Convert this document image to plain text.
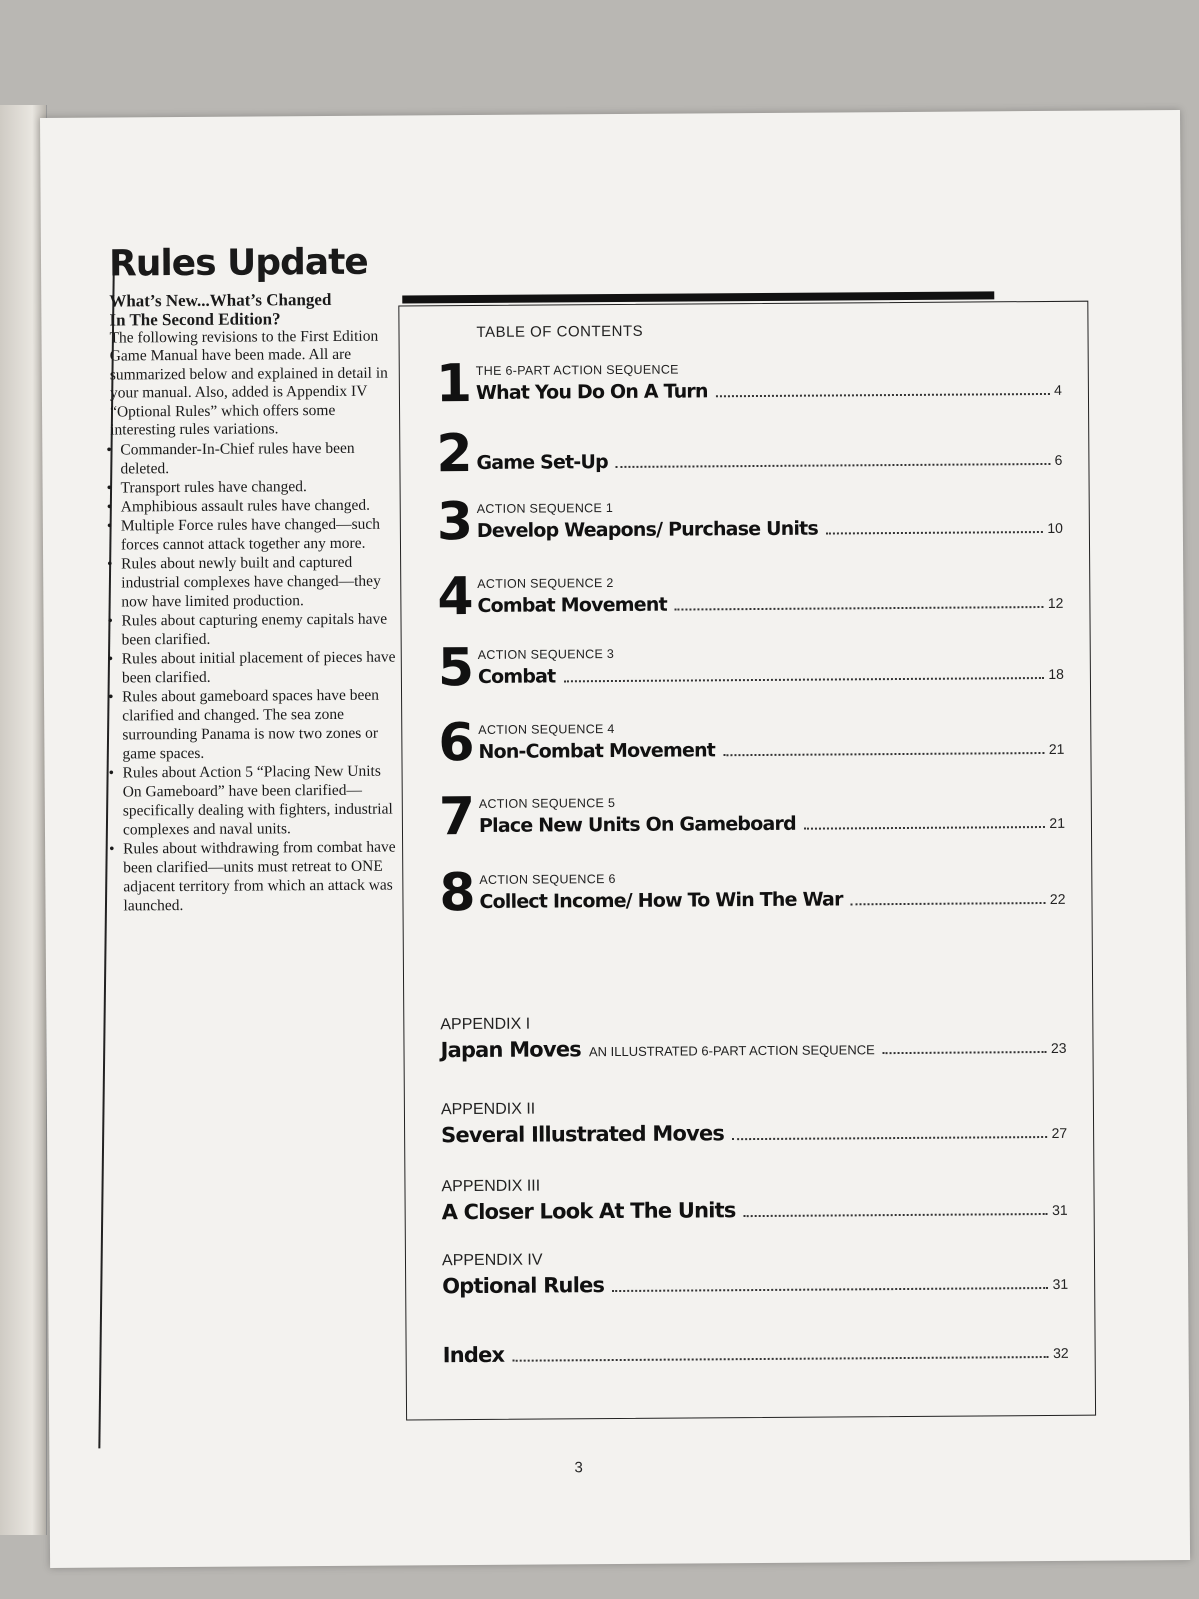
Rules Update

What’s New...What’s Changed
In The Second Edition?

The following revisions to the First Edition Game Manual have been made. All are summarized below and explained in detail in your manual. Also, added is Appendix IV “Optional Rules” which offers some interesting rules variations.

• Commander-In-Chief rules have been deleted.
• Transport rules have changed.
• Amphibious assault rules have changed.
• Multiple Force rules have changed—such forces cannot attack together any more.
• Rules about newly built and captured industrial complexes have changed—they now have limited production.
• Rules about capturing enemy capitals have been clarified.
• Rules about initial placement of pieces have been clarified.
• Rules about gameboard spaces have been clarified and changed. The sea zone surrounding Panama is now two zones or game spaces.
• Rules about Action 5 “Placing New Units On Gameboard” have been clarified—specifically dealing with fighters, industrial complexes and naval units.
• Rules about withdrawing from combat have been clarified—units must retreat to ONE adjacent territory from which an attack was launched.
TABLE OF CONTENTS
1 THE 6-PART ACTION SEQUENCE
What You Do On A Turn	4
2 Game Set-Up	6
3 ACTION SEQUENCE 1
Develop Weapons/ Purchase Units	10
4 ACTION SEQUENCE 2
Combat Movement	12
5 ACTION SEQUENCE 3
Combat	18
6 ACTION SEQUENCE 4
Non-Combat Movement	21
7 ACTION SEQUENCE 5
Place New Units On Gameboard	21
8 ACTION SEQUENCE 6
Collect Income/ How To Win The War	22
APPENDIX I
Japan Moves AN ILLUSTRATED 6-PART ACTION SEQUENCE	23
APPENDIX II
Several Illustrated Moves	27
APPENDIX III
A Closer Look At The Units	31
APPENDIX IV
Optional Rules	31
Index	32
3
